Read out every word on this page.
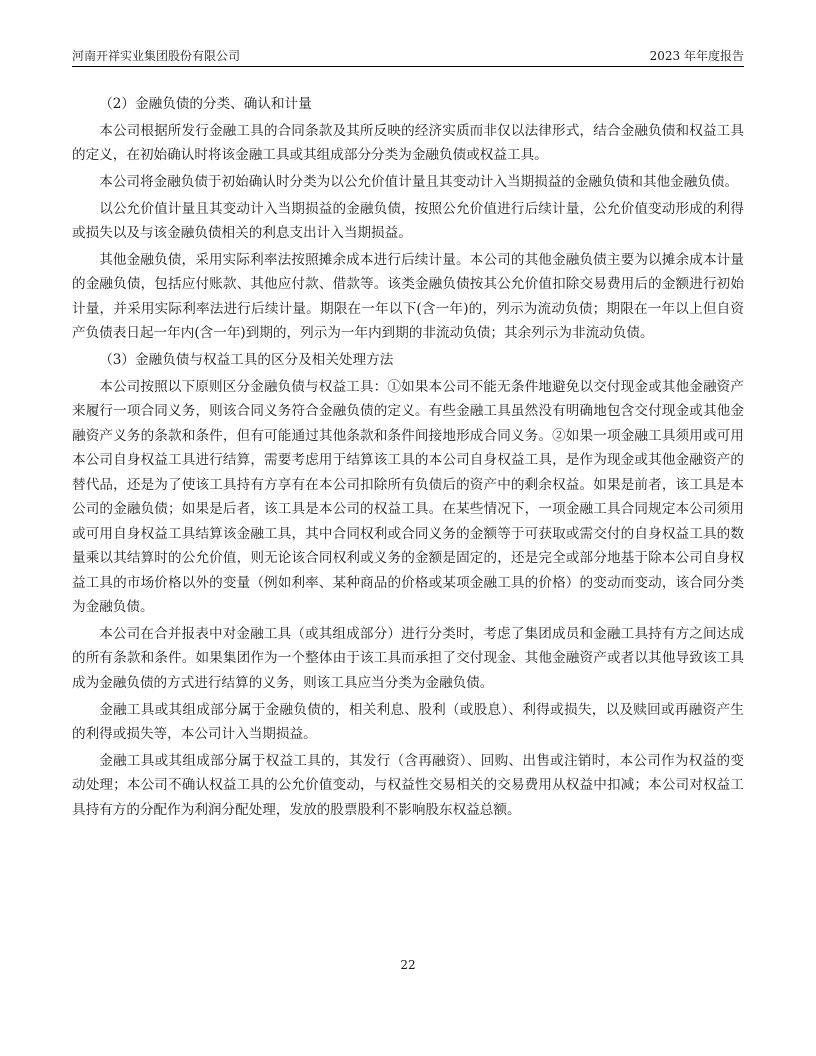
河南开祥实业集团股份有限公司	2023 年年度报告

（2）金融负债的分类、确认和计量

本公司根据所发行金融工具的合同条款及其所反映的经济实质而非仅以法律形式，结合金融负债和权益工具的定义，在初始确认时将该金融工具或其组成部分分类为金融负债或权益工具。

本公司将金融负债于初始确认时分类为以公允价值计量且其变动计入当期损益的金融负债和其他金融负债。

以公允价值计量且其变动计入当期损益的金融负债，按照公允价值进行后续计量，公允价值变动形成的利得或损失以及与该金融负债相关的利息支出计入当期损益。

其他金融负债，采用实际利率法按照摊余成本进行后续计量。本公司的其他金融负债主要为以摊余成本计量的金融负债，包括应付账款、其他应付款、借款等。该类金融负债按其公允价值扣除交易费用后的金额进行初始计量，并采用实际利率法进行后续计量。期限在一年以下(含一年)的，列示为流动负债；期限在一年以上但自资产负债表日起一年内(含一年)到期的，列示为一年内到期的非流动负债；其余列示为非流动负债。

（3）金融负债与权益工具的区分及相关处理方法

本公司按照以下原则区分金融负债与权益工具：①如果本公司不能无条件地避免以交付现金或其他金融资产来履行一项合同义务，则该合同义务符合金融负债的定义。有些金融工具虽然没有明确地包含交付现金或其他金融资产义务的条款和条件，但有可能通过其他条款和条件间接地形成合同义务。②如果一项金融工具须用或可用本公司自身权益工具进行结算，需要考虑用于结算该工具的本公司自身权益工具，是作为现金或其他金融资产的替代品，还是为了使该工具持有方享有在本公司扣除所有负债后的资产中的剩余权益。如果是前者，该工具是本公司的金融负债；如果是后者，该工具是本公司的权益工具。在某些情况下，一项金融工具合同规定本公司须用或可用自身权益工具结算该金融工具，其中合同权利或合同义务的金额等于可获取或需交付的自身权益工具的数量乘以其结算时的公允价值，则无论该合同权利或义务的金额是固定的，还是完全或部分地基于除本公司自身权益工具的市场价格以外的变量（例如利率、某种商品的价格或某项金融工具的价格）的变动而变动，该合同分类为金融负债。

本公司在合并报表中对金融工具（或其组成部分）进行分类时，考虑了集团成员和金融工具持有方之间达成的所有条款和条件。如果集团作为一个整体由于该工具而承担了交付现金、其他金融资产或者以其他导致该工具成为金融负债的方式进行结算的义务，则该工具应当分类为金融负债。

金融工具或其组成部分属于金融负债的，相关利息、股利（或股息）、利得或损失，以及赎回或再融资产生的利得或损失等，本公司计入当期损益。

金融工具或其组成部分属于权益工具的，其发行（含再融资）、回购、出售或注销时，本公司作为权益的变动处理；本公司不确认权益工具的公允价值变动，与权益性交易相关的交易费用从权益中扣减；本公司对权益工具持有方的分配作为利润分配处理，发放的股票股利不影响股东权益总额。

22
